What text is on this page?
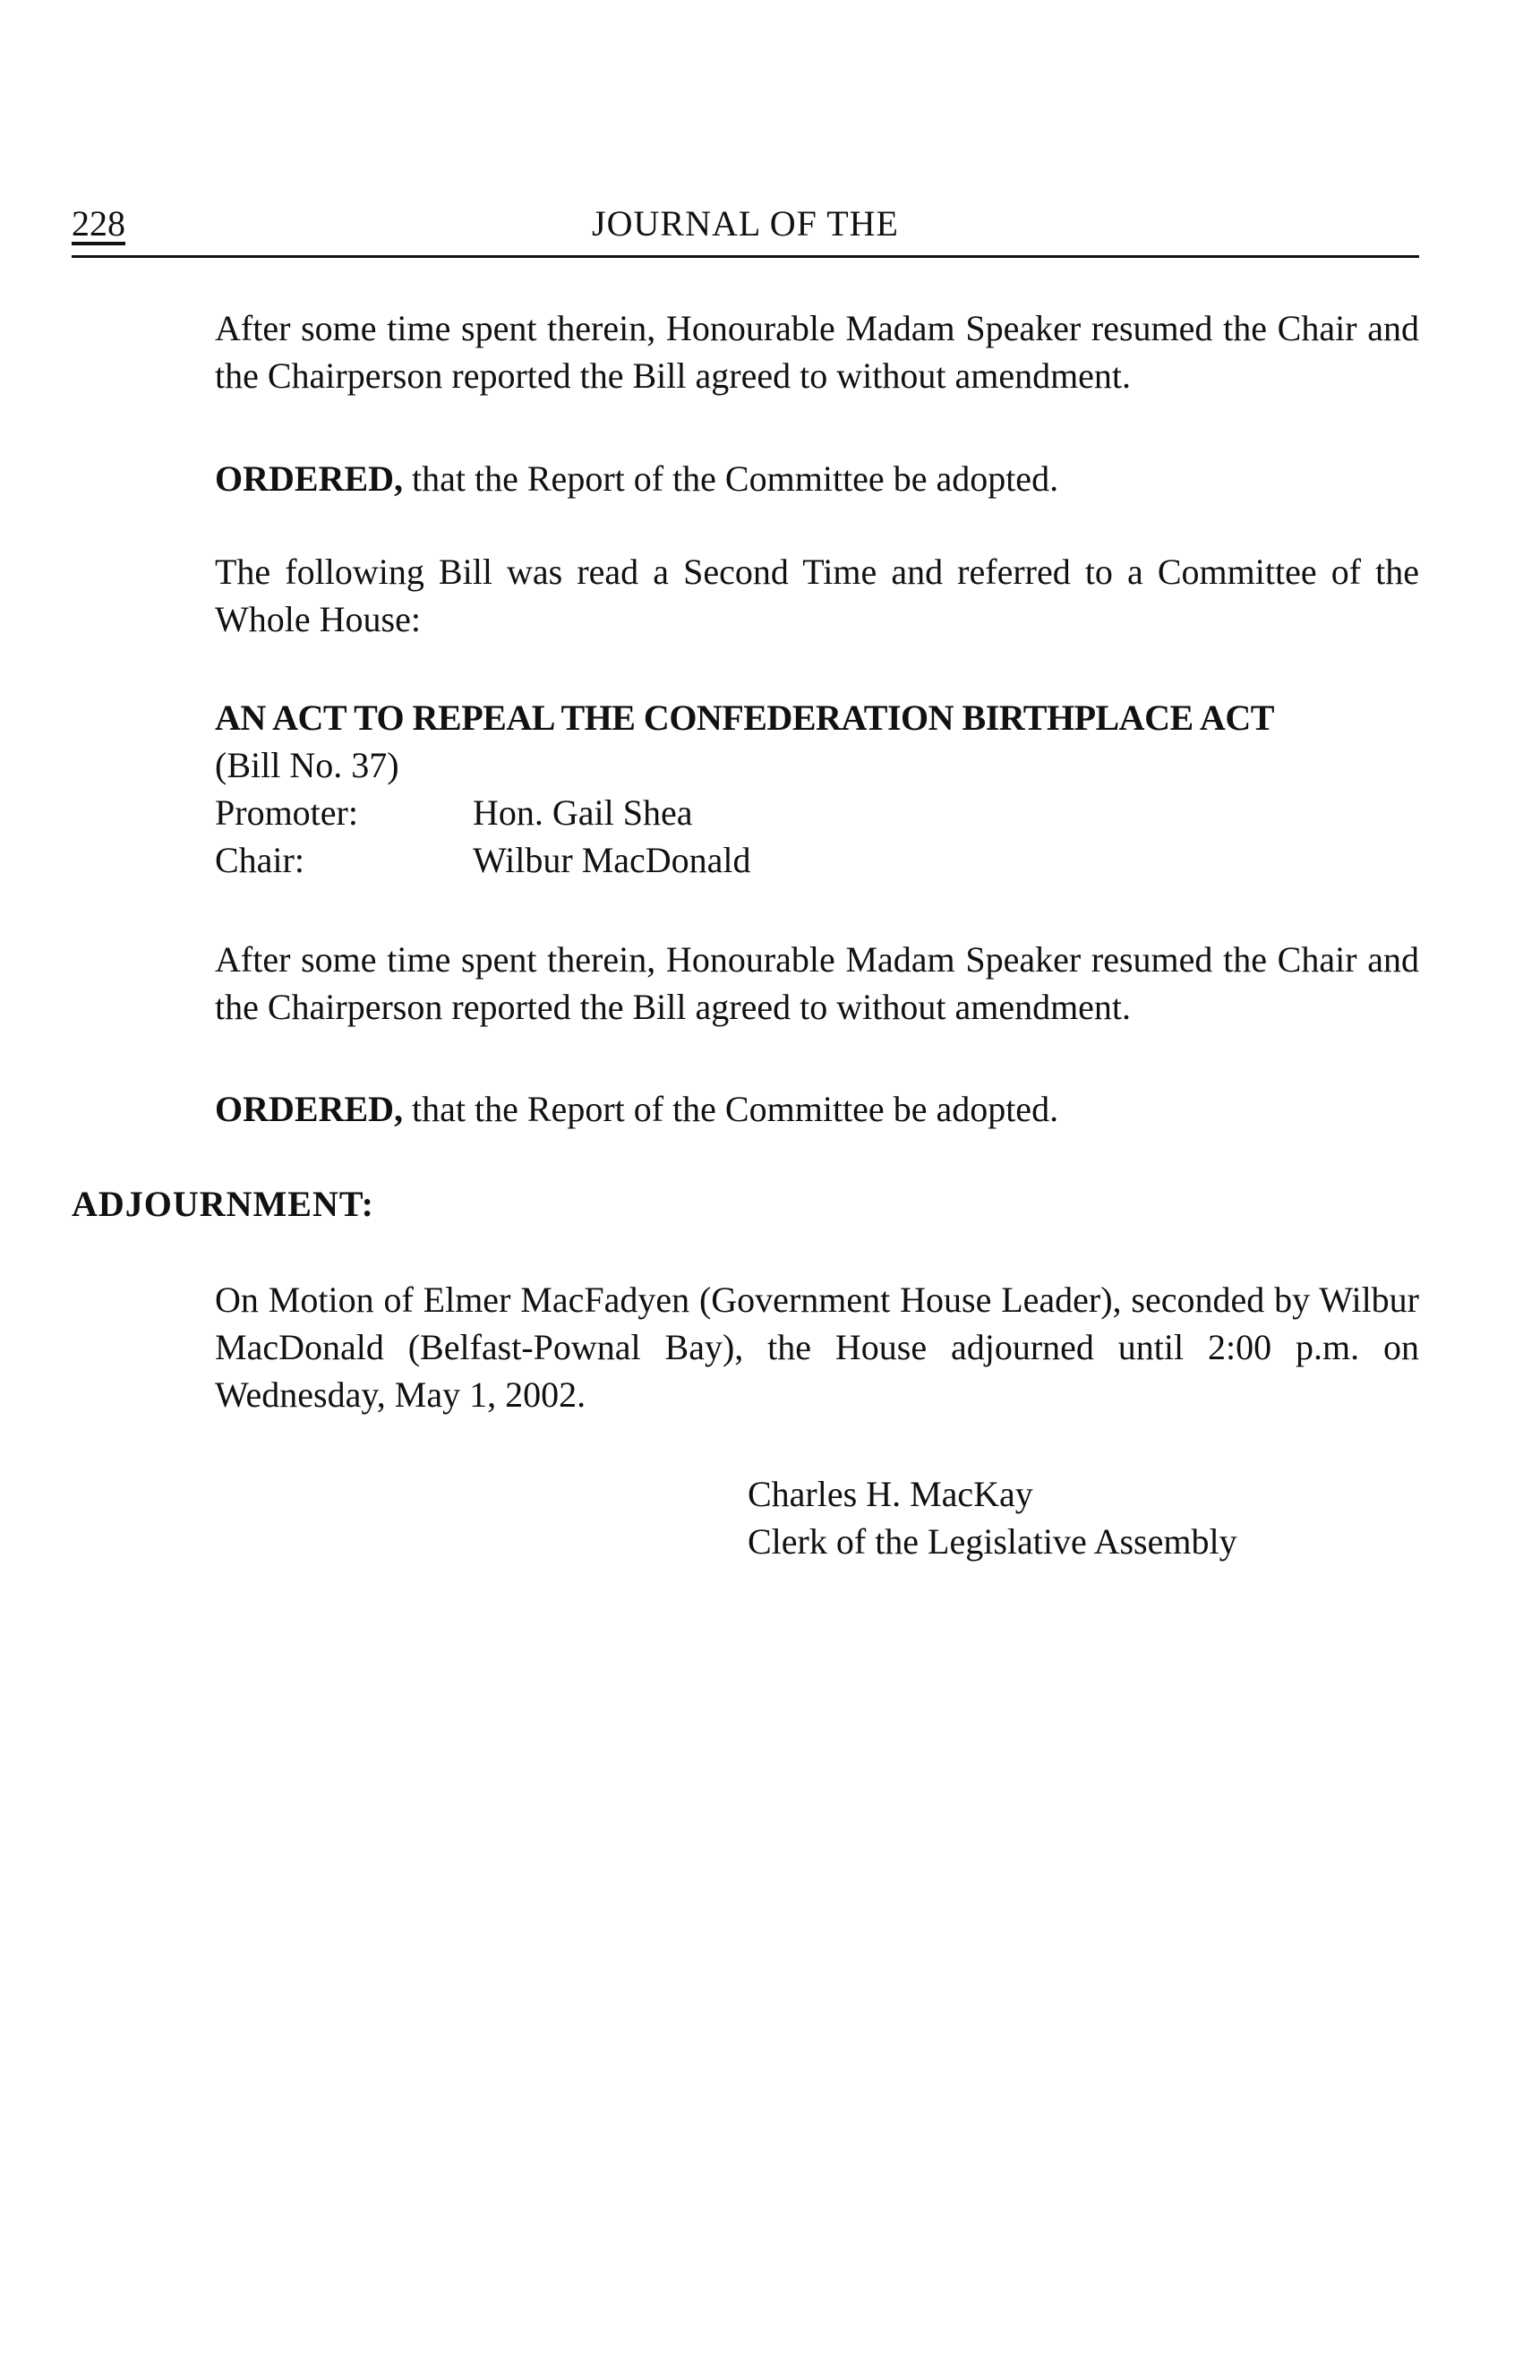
228	JOURNAL OF THE

After some time spent therein, Honourable Madam Speaker resumed the Chair and the Chairperson reported the Bill agreed to without amendment.

ORDERED, that the Report of the Committee be adopted.

The following Bill was read a Second Time and referred to a Committee of the Whole House:

AN ACT TO REPEAL THE CONFEDERATION BIRTHPLACE ACT
(Bill No. 37)
Promoter:	Hon. Gail Shea
Chair:	Wilbur MacDonald

After some time spent therein, Honourable Madam Speaker resumed the Chair and the Chairperson reported the Bill agreed to without amendment.

ORDERED, that the Report of the Committee be adopted.

ADJOURNMENT:

On Motion of Elmer MacFadyen (Government House Leader), seconded by Wilbur MacDonald (Belfast-Pownal Bay), the House adjourned until 2:00 p.m. on Wednesday, May 1, 2002.

Charles H. MacKay
Clerk of the Legislative Assembly
